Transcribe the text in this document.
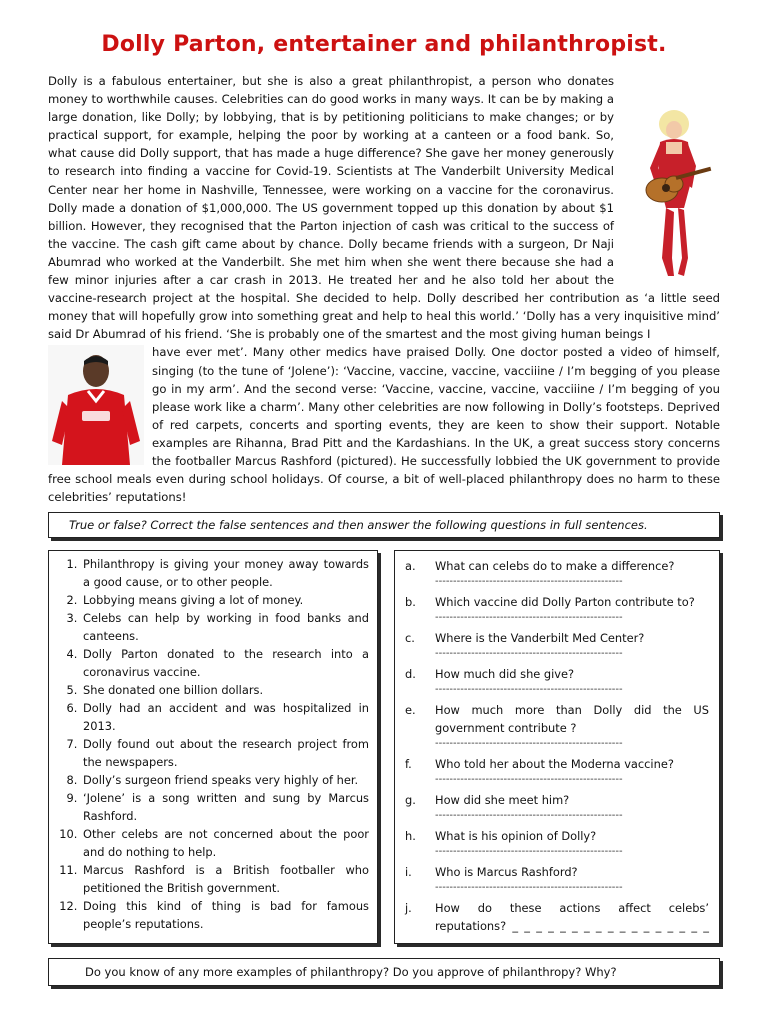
Dolly Parton, entertainer and philanthropist.

Dolly is a fabulous entertainer, but she is also a great philanthropist, a person who donates money to worthwhile causes. Celebrities can do good works in many ways. It can be by making a large donation, like Dolly; by lobbying, that is by petitioning politicians to make changes; or by practical support, for example, helping the poor by working at a canteen or a food bank. So, what cause did Dolly support, that has made a huge difference? She gave her money generously to research into finding a vaccine for Covid-19. Scientists at The Vanderbilt University Medical Center near her home in Nashville, Tennessee, were working on a vaccine for the coronavirus. Dolly made a donation of $1,000,000. The US government topped up this donation by about $1 billion. However, they recognised that the Parton injection of cash was critical to the success of the vaccine. The cash gift came about by chance. Dolly became friends with a surgeon, Dr Naji Abumrad who worked at the Vanderbilt. She met him when she went there because she had a few minor injuries after a car crash in 2013. He treated her and he also told her about the vaccine-research project at the hospital. She decided to help. Dolly described her contribution as ‘a little seed money that will hopefully grow into something great and help to heal this world.’ ‘Dolly has a very inquisitive mind’ said Dr Abumrad of his friend. ‘She is probably one of the smartest and the most giving human beings I

have ever met’. Many other medics have praised Dolly. One doctor posted a video of himself, singing (to the tune of ‘Jolene’): ‘Vaccine, vaccine, vaccine, vacciiine / I’m begging of you please go in my arm’. And the second verse: ‘Vaccine, vaccine, vaccine, vacciiine / I’m begging of you please work like a charm’. Many other celebrities are now following in Dolly’s footsteps. Deprived of red carpets, concerts and sporting events, they are keen to show their support. Notable examples are Rihanna, Brad Pitt and the Kardashians. In the UK, a great success story concerns the footballer Marcus Rashford (pictured). He successfully lobbied the UK government to provide free school meals even during school holidays. Of course, a bit of well-placed philanthropy does no harm to these celebrities’ reputations!

True or false? Correct the false sentences and then answer the following questions in full sentences.
1. Philanthropy is giving your money away towards a good cause, or to other people.
2. Lobbying means giving a lot of money.
3. Celebs can help by working in food banks and canteens.
4. Dolly Parton donated to the research into a coronavirus vaccine.
5. She donated one billion dollars.
6. Dolly had an accident and was hospitalized in 2013.
7. Dolly found out about the research project from the newspapers.
8. Dolly’s surgeon friend speaks very highly of her.
9. ‘Jolene’ is a song written and sung by Marcus Rashford.
10. Other celebs are not concerned about the poor and do nothing to help.
11. Marcus Rashford is a British footballer who petitioned the British government.
12. Doing this kind of thing is bad for famous people’s reputations.
a. What can celebs do to make a difference?
----------------------------------------------------
b. Which vaccine did Dolly Parton contribute to?
----------------------------------------------------
c. Where is the Vanderbilt Med Center?
----------------------------------------------------
d. How much did she give?
----------------------------------------------------
e. How much more than Dolly did the US government contribute ?
----------------------------------------------------
f. Who told her about the Moderna vaccine?
----------------------------------------------------
g. How did she meet him?
----------------------------------------------------
h. What is his opinion of Dolly?
----------------------------------------------------
i. Who is Marcus Rashford?
----------------------------------------------------
j. How do these actions affect celebs’ reputations? _ _ _ _ _ _ _ _ _ _ _ _ _ _ _ _ _
Do you know of any more examples of philanthropy? Do you approve of philanthropy? Why?
